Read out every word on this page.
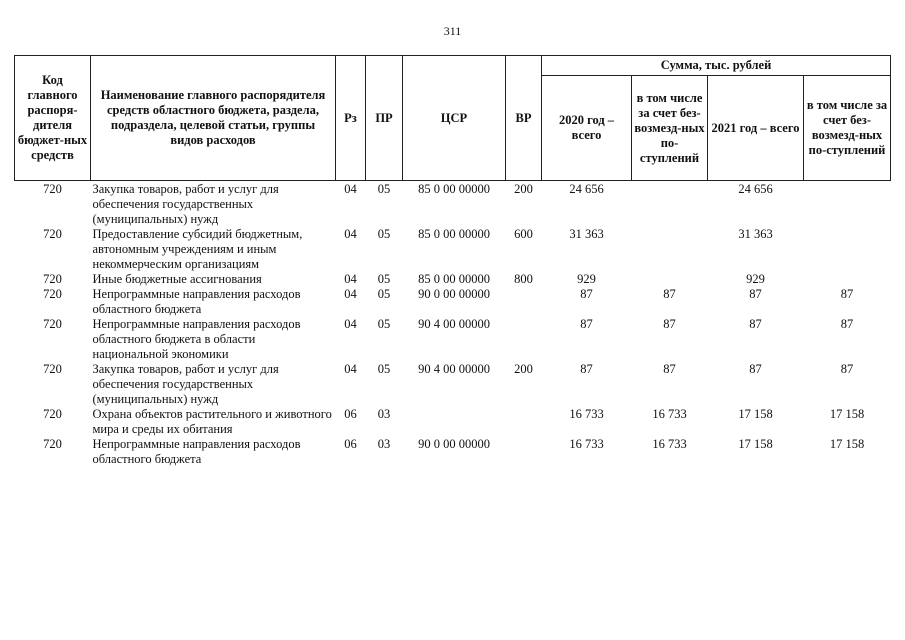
311
Код главного распоря-дителя бюджет-ных средств	Наименование главного распорядителя средств областного бюджета, раздела, подраздела, целевой статьи, группы видов расходов	Рз	ПР	ЦСР	ВР	Сумма, тыс. рублей			
						2020 год – всего	в том числе за счет без-возмезд-ных по-ступлений	2021 год – всего	в том числе за счет без-возмезд-ных по-ступлений
720	Закупка товаров, работ и услуг для обеспечения государственных (муниципальных) нужд	04	05	85 0 00 00000	200	24 656		24 656	
720	Предоставление субсидий бюджетным, автономным учреждениям и иным некоммерческим организациям	04	05	85 0 00 00000	600	31 363		31 363	
720	Иные бюджетные ассигнования	04	05	85 0 00 00000	800	929		929	
720	Непрограммные направления расходов областного бюджета	04	05	90 0 00 00000		87	87	87	87
720	Непрограммные направления расходов областного бюджета в области национальной экономики	04	05	90 4 00 00000		87	87	87	87
720	Закупка товаров, работ и услуг для обеспечения государственных (муниципальных) нужд	04	05	90 4 00 00000	200	87	87	87	87
720	Охрана объектов растительного и животного мира и среды их обитания	06	03			16 733	16 733	17 158	17 158
720	Непрограммные направления расходов областного бюджета	06	03	90 0 00 00000		16 733	16 733	17 158	17 158
